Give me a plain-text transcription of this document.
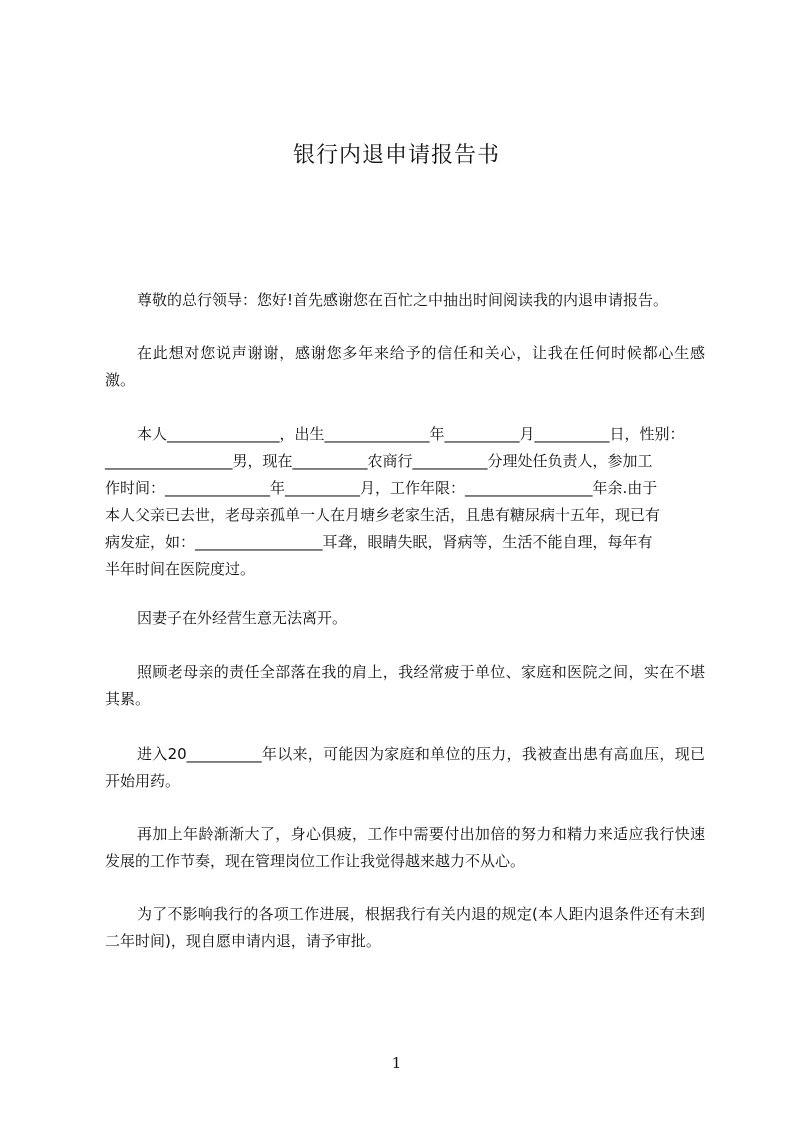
银行内退申请报告书

尊敬的总行领导：您好!首先感谢您在百忙之中抽出时间阅读我的内退申请报告。

在此想对您说声谢谢，感谢您多年来给予的信任和关心，让我在任何时候都心生感激。

本人_______________，出生______________年__________月__________日，性别：
_________________男，现在__________农商行__________分理处任负责人，参加工
作时间：______________年__________月，工作年限：_________________年余.由于
本人父亲已去世，老母亲孤单一人在月塘乡老家生活，且患有糖尿病十五年，现已有
病发症，如：_________________耳聋，眼睛失眠，肾病等，生活不能自理，每年有
半年时间在医院度过。

因妻子在外经营生意无法离开。

照顾老母亲的责任全部落在我的肩上，我经常疲于单位、家庭和医院之间，实在不堪其累。

进入20__________年以来，可能因为家庭和单位的压力，我被查出患有高血压，现已开始用药。

再加上年龄渐渐大了，身心俱疲，工作中需要付出加倍的努力和精力来适应我行快速发展的工作节奏，现在管理岗位工作让我觉得越来越力不从心。

为了不影响我行的各项工作进展，根据我行有关内退的规定(本人距内退条件还有未到二年时间)，现自愿申请内退，请予审批。

1
